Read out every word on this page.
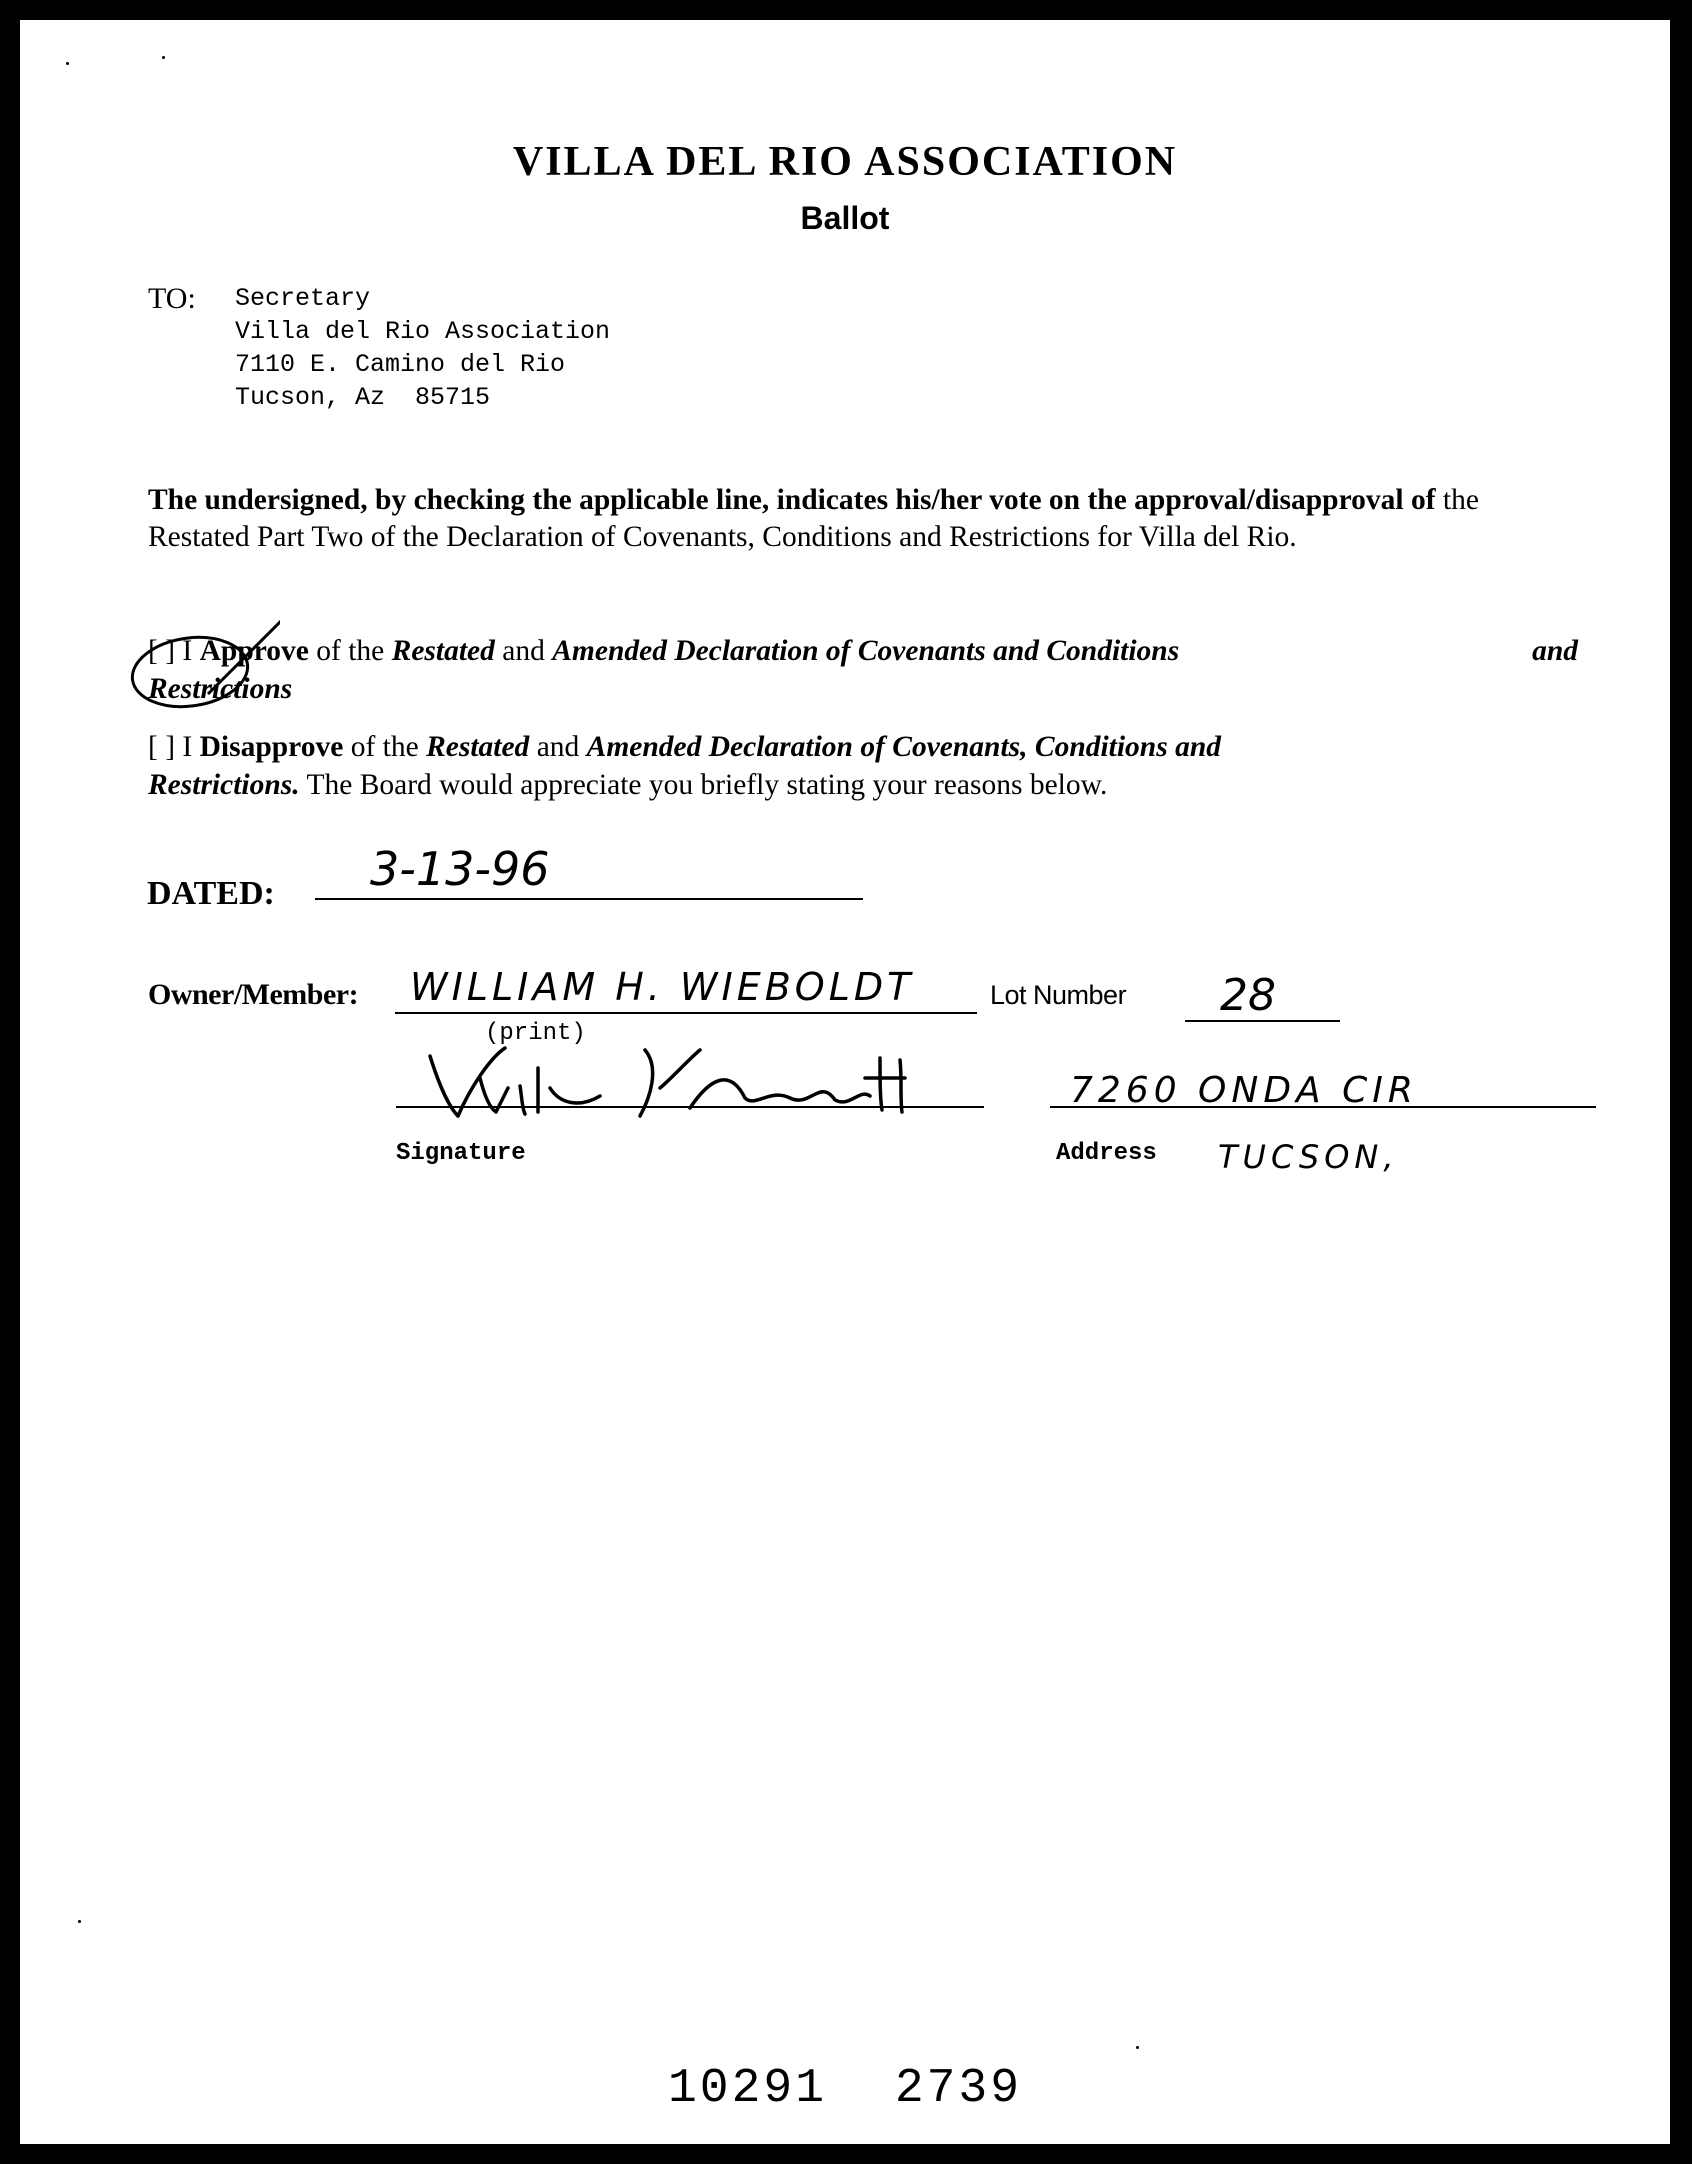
VILLA DEL RIO ASSOCIATION
Ballot
TO: Secretary
Villa del Rio Association
7110 E. Camino del Rio
Tucson, Az  85715
The undersigned, by checking the applicable line, indicates his/her vote on the approval/disapproval of the Restated Part Two of the Declaration of Covenants, Conditions and Restrictions for Villa del Rio.
[ ] I Approve of the Restated and Amended Declaration of Covenants and Conditions	and

Restrictions
[ ] I Disapprove of the Restated and Amended Declaration of Covenants, Conditions and
Restrictions. The Board would appreciate you briefly stating your reasons below.
DATED: 3-13-96
Owner/Member: WILLIAM H. WIEBOLDT
(print)
Lot Number 28
Signature
7260 ONDA CIR
Address TUCSON,
10291 2739
